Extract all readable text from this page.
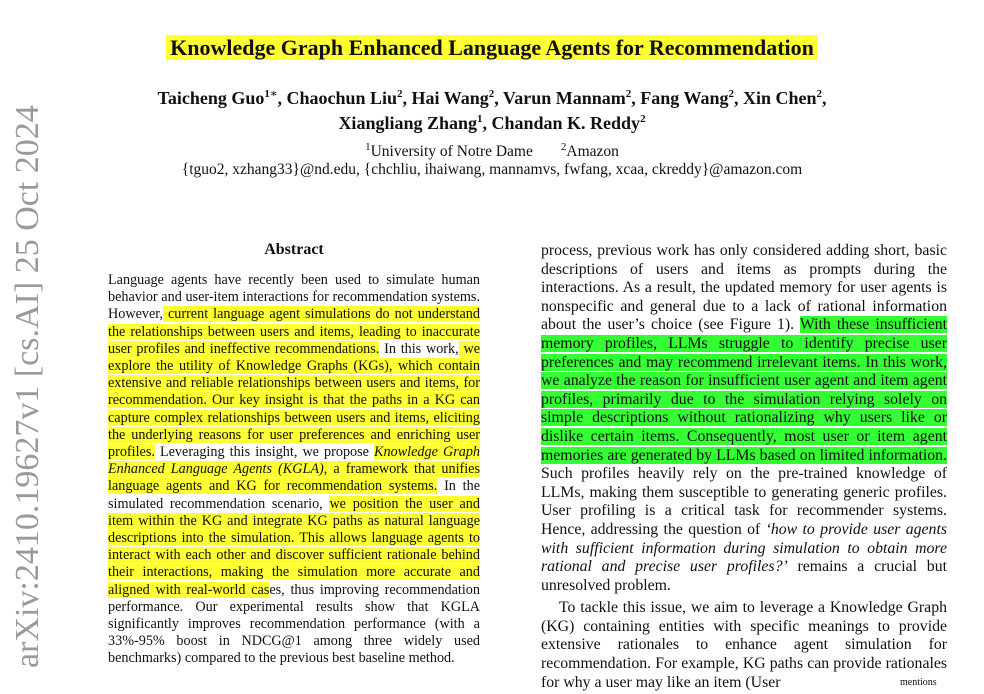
Knowledge Graph Enhanced Language Agents for Recommendation
Taicheng Guo$^{1∗}$, Chaochun Liu$^2$, Hai Wang$^2$, Varun Mannam$^2$, Fang Wang$^2$, Xin Chen$^2$,
Xiangliang Zhang$^1$, Chandan K. Reddy$^2$
$^1$University of Notre Dame	$^2$Amazon
{tguo2, xzhang33}@nd.edu, {chchliu, ihaiwang, mannamvs, fwfang, xcaa, ckreddy}@amazon.com
arXiv:2410.19627v1 [cs.AI] 25 Oct 2024	Abstract
Language agents have recently been used to simulate human behavior and user-item interactions for recommendation systems. However, current language agent simulations do not understand the relationships between users and items, leading to inaccurate user profiles and ineffective recommendations. In this work, we explore the utility of Knowledge Graphs (KGs), which contain extensive and reliable relationships between users and items, for recommendation. Our key insight is that the paths in a KG can capture complex relationships between users and items, eliciting the underlying reasons for user preferences and enriching user profiles. Leveraging this insight, we propose Knowledge Graph Enhanced Language Agents (KGLA), a framework that unifies language agents and KG for recommendation systems. In the simulated recommendation scenario, we position the user and item within the KG and integrate KG paths as natural language descriptions into the simulation. This allows language agents to interact with each other and discover sufficient rationale behind their interactions, making the simulation more accurate and aligned with real-world cases, thus improving recommendation performance. Our experimental results show that KGLA significantly improves recommendation performance (with a 33%-95% boost in NDCG@1 among three widely used benchmarks) compared to the previous best baseline method.

process, previous work has only considered adding short, basic descriptions of users and items as prompts during the interactions. As a result, the updated memory for user agents is nonspecific and general due to a lack of rational information about the user’s choice (see Figure 1). With these insufficient memory profiles, LLMs struggle to identify precise user preferences and may recommend irrelevant items. In this work, we analyze the reason for insufficient user agent and item agent profiles, primarily due to the simulation relying solely on simple descriptions without rationalizing why users like or dislike certain items. Consequently, most user or item agent memories are generated by LLMs based on limited information. Such profiles heavily rely on the pre-trained knowledge of LLMs, making them susceptible to generating generic profiles. User profiling is a critical task for recommender systems. Hence, addressing the question of ‘how to provide user agents with sufficient information during simulation to obtain more rational and precise user profiles?’ remains a crucial but unresolved problem.

To tackle this issue, we aim to leverage a Knowledge Graph (KG) containing entities with specific meanings to provide extensive rationales to enhance agent simulation for recommendation. For example, KG paths can provide rationales for why a user may like an item (User	mentions
